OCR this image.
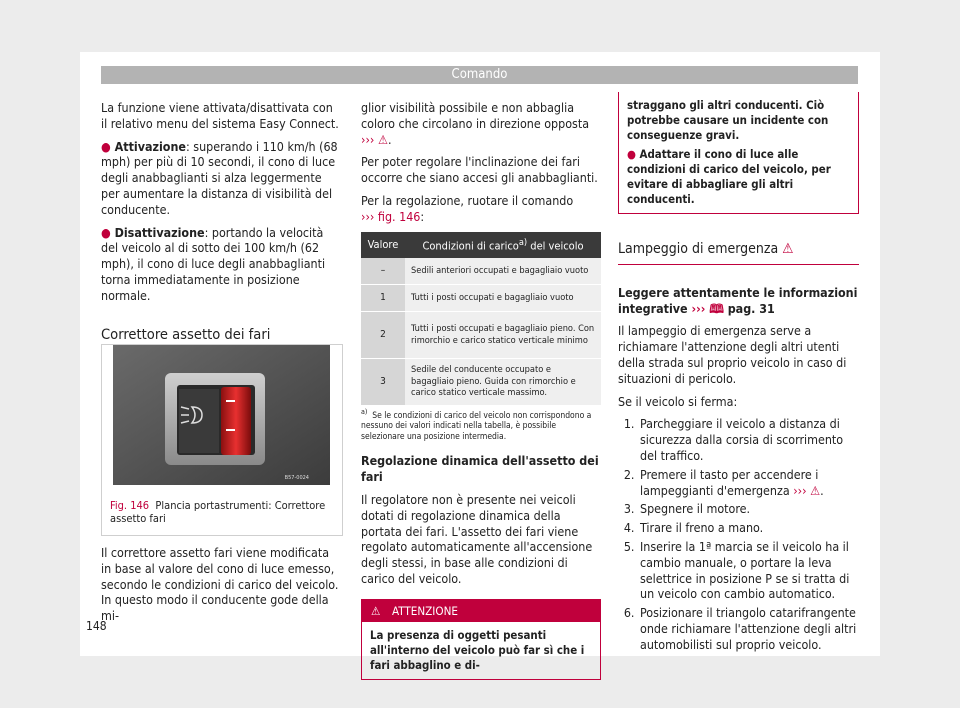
Comando

La funzione viene attivata/disattivata con il relativo menu del sistema Easy Connect.

● Attivazione: superando i 110 km/h (68 mph) per più di 10 secondi, il cono di luce degli anabbaglianti si alza leggermente per aumentare la distanza di visibilità del conducente.
● Disattivazione: portando la velocità del veicolo al di sotto dei 100 km/h (62 mph), il cono di luce degli anabbaglianti torna immediatamente in posizione normale.
Correttore assetto dei fari
B57-0024
Fig. 146 Plancia portastrumenti: Correttore assetto fari

Il correttore assetto fari viene modificata in base al valore del cono di luce emesso, secondo le condizioni di carico del veicolo. In questo modo il conducente gode della mi-

glior visibilità possibile e non abbaglia coloro che circolano in direzione opposta ››› ⚠.

Per poter regolare l'inclinazione dei fari occorre che siano accesi gli anabbaglianti.

Per la regolazione, ruotare il comando
››› fig. 146:

Valore	Condizioni di carico$^{a)}$ del veicolo
–	Sedili anteriori occupati e bagagliaio vuoto
1	Tutti i posti occupati e bagagliaio vuoto
2	Tutti i posti occupati e bagagliaio pieno. Con rimorchio e carico statico verticale minimo
3	Sedile del conducente occupato e bagagliaio pieno. Guida con rimorchio e carico statico verticale massimo.

$^{a)}$ Se le condizioni di carico del veicolo non corrispondono a nessuno dei valori indicati nella tabella, è possibile selezionare una posizione intermedia.

Regolazione dinamica dell'assetto dei fari

Il regolatore non è presente nei veicoli dotati di regolazione dinamica della portata dei fari. L'assetto dei fari viene regolato automaticamente all'accensione degli stessi, in base alle condizioni di carico del veicolo.

⚠ ATTENZIONE
La presenza di oggetti pesanti all'interno del veicolo può far sì che i fari abbaglino e di-
straggano gli altri conducenti. Ciò potrebbe causare un incidente con conseguenze gravi.
● Adattare il cono di luce alle condizioni di carico del veicolo, per evitare di abbagliare gli altri conducenti.
Lampeggio di emergenza ⚠

Leggere attentamente le informazioni integrative ››› 🕮 pag. 31

Il lampeggio di emergenza serve a richiamare l'attenzione degli altri utenti della strada sul proprio veicolo in caso di situazioni di pericolo.

Se il veicolo si ferma:

1. Parcheggiare il veicolo a distanza di sicurezza dalla corsia di scorrimento del traffico.
2. Premere il tasto per accendere i lampeggianti d'emergenza ››› ⚠.
3. Spegnere il motore.
4. Tirare il freno a mano.
5. Inserire la 1ª marcia se il veicolo ha il cambio manuale, o portare la leva selettrice in posizione P se si tratta di un veicolo con cambio automatico.
6. Posizionare il triangolo catarifrangente onde richiamare l'attenzione degli altri automobilisti sul proprio veicolo.
148
